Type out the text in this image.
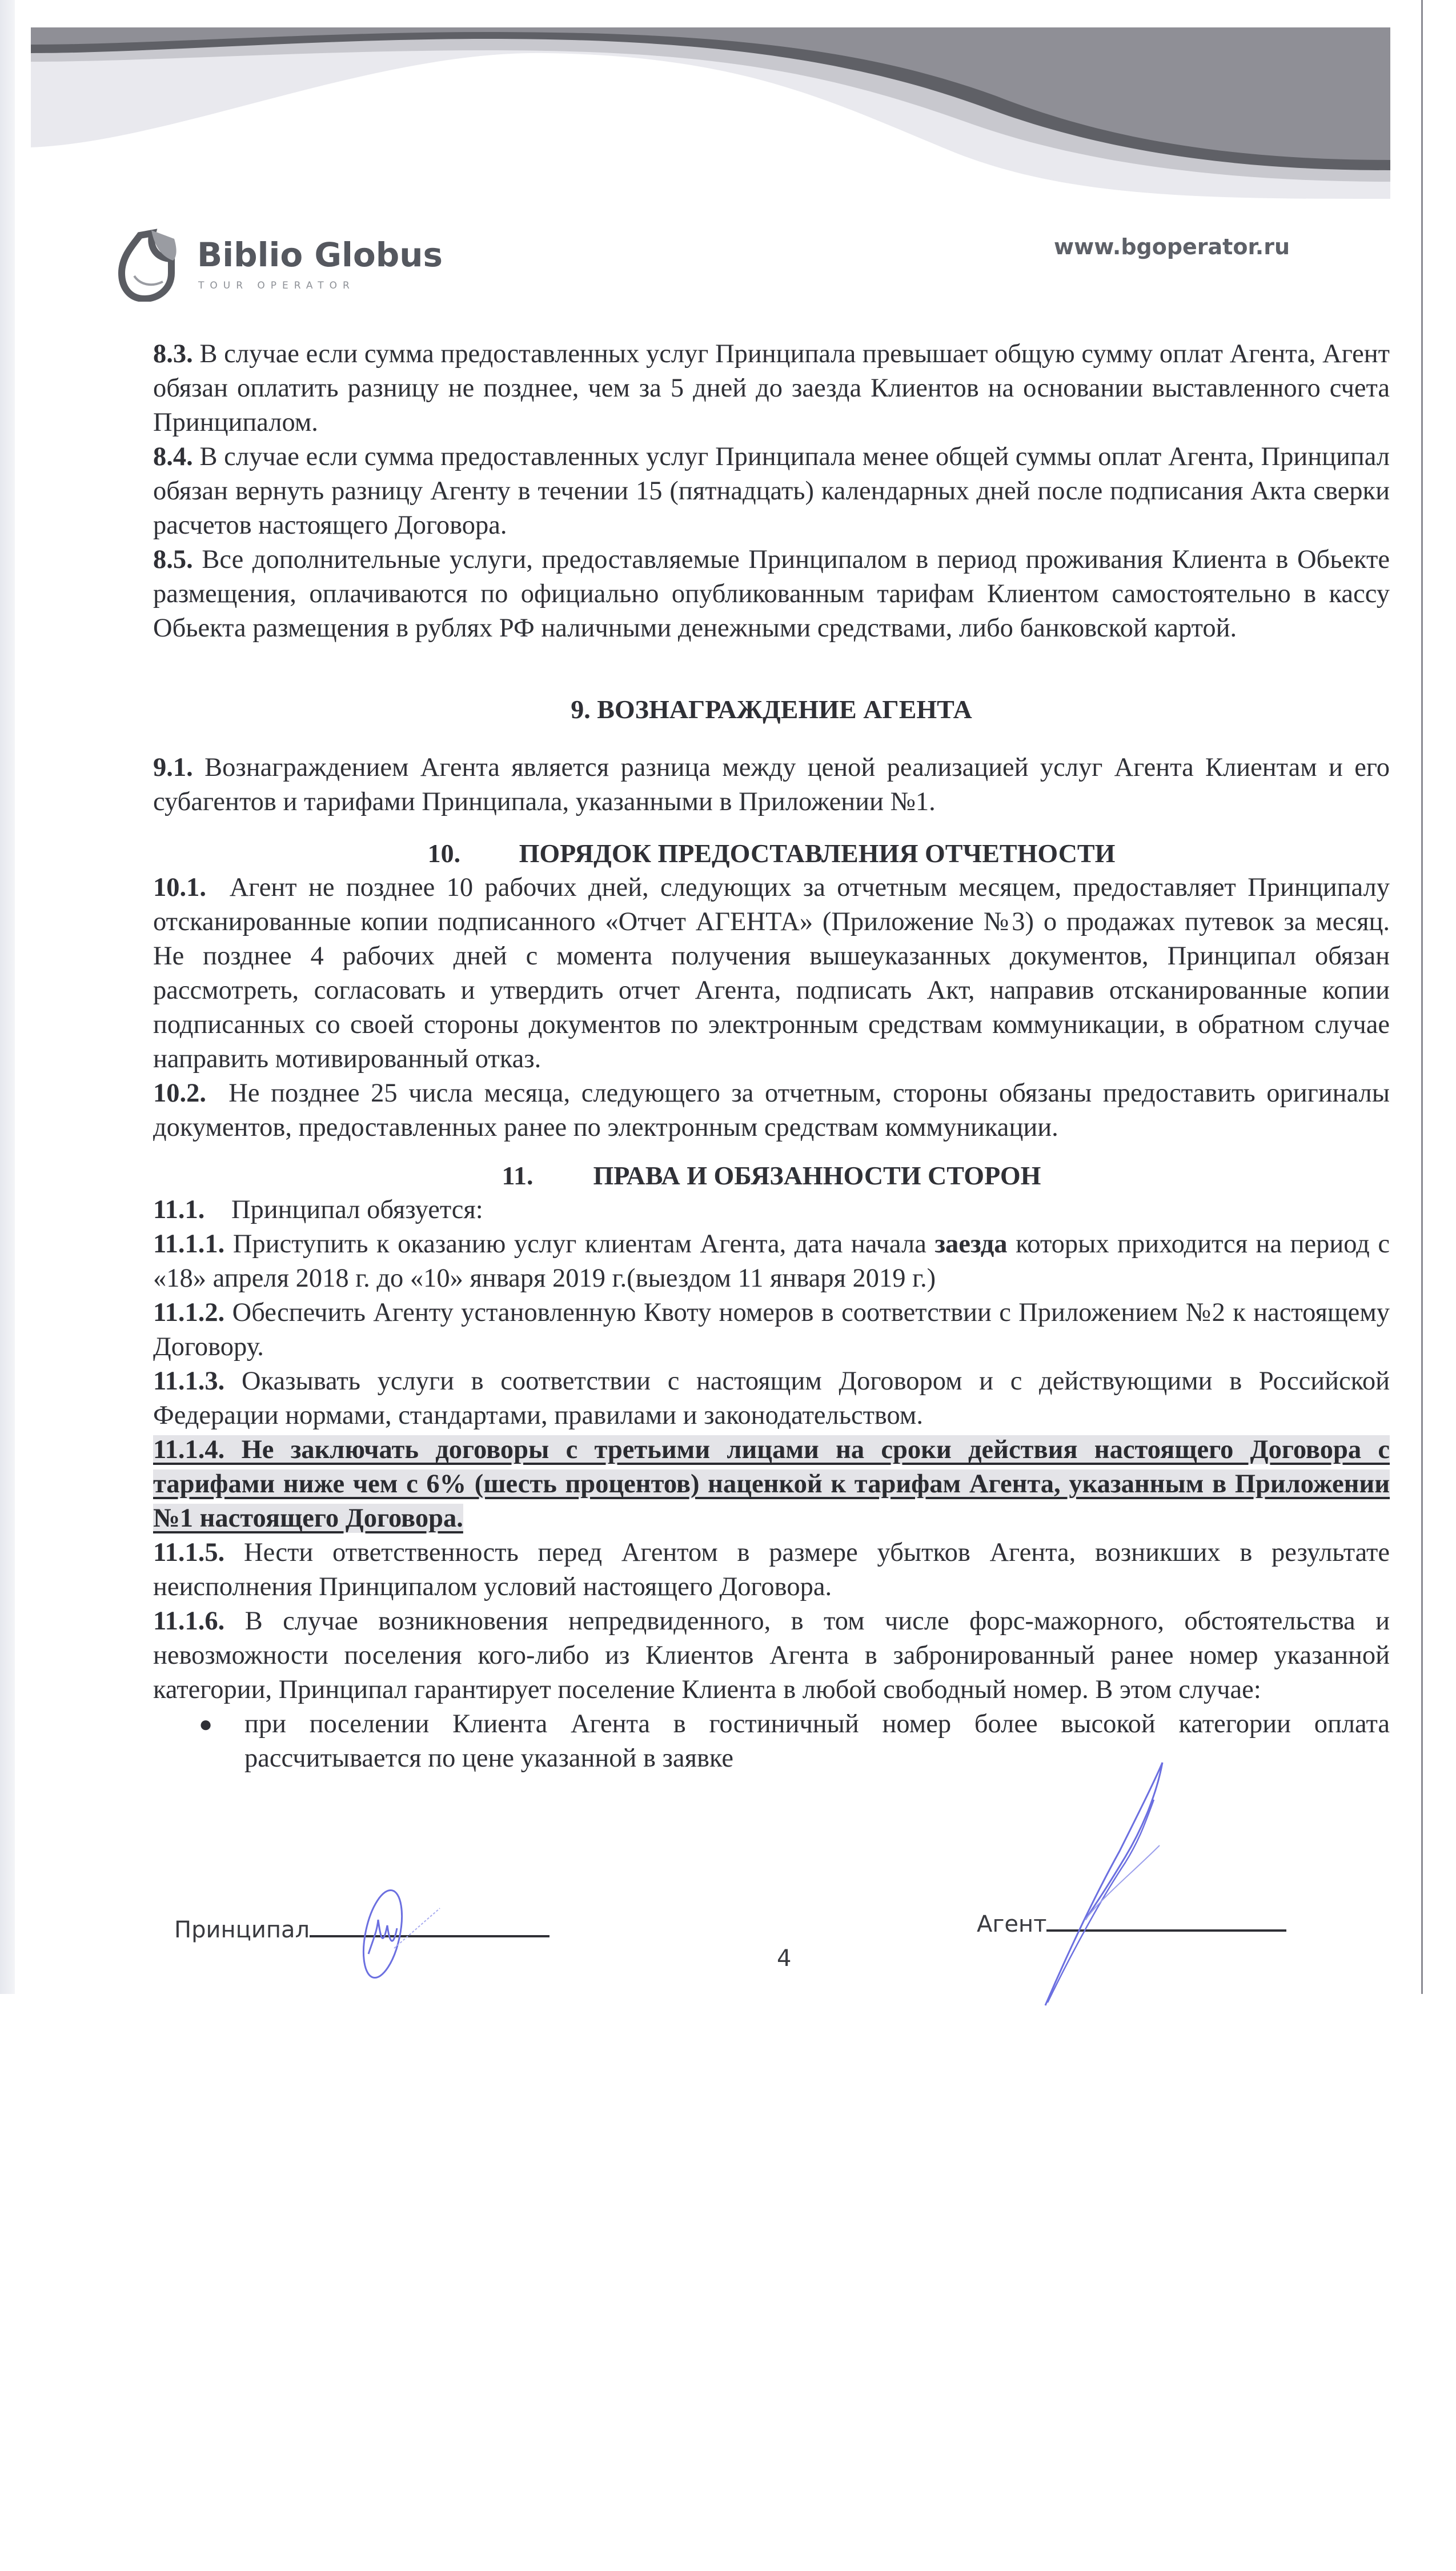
Biblio Globus
TOUR OPERATOR
www.bgoperator.ru

8.3. В случае если сумма предоставленных услуг Принципала превышает общую сумму оплат Агента, Агент обязан оплатить разницу не позднее, чем за 5 дней до заезда Клиентов на основании выставленного счета Принципалом.

8.4. В случае если сумма предоставленных услуг Принципала менее общей суммы оплат Агента, Принципал обязан вернуть разницу Агенту в течении 15 (пятнадцать) календарных дней после подписания Акта сверки расчетов настоящего Договора.

8.5. Все дополнительные услуги, предоставляемые Принципалом в период проживания Клиента в Обьекте размещения, оплачиваются по официально опубликованным тарифам Клиентом самостоятельно в кассу Обьекта размещения в рублях РФ наличными денежными средствами, либо банковской картой.

9. ВОЗНАГРАЖДЕНИЕ АГЕНТА

9.1. Вознаграждением Агента является разница между ценой реализацией услуг Агента Клиентам и его субагентов и тарифами Принципала, указанными в Приложении №1.

10. ПОРЯДОК ПРЕДОСТАВЛЕНИЯ ОТЧЕТНОСТИ

10.1.  Агент не позднее 10 рабочих дней, следующих за отчетным месяцем, предоставляет Принципалу отсканированные копии подписанного «Отчет АГЕНТА» (Приложение №3) о продажах путевок за месяц. Не позднее 4 рабочих дней с момента получения вышеуказанных документов, Принципал обязан рассмотреть, согласовать и утвердить отчет Агента, подписать Акт, направив отсканированные копии подписанных со своей стороны документов по электронным средствам коммуникации, в обратном случае направить мотивированный отказ.

10.2.  Не позднее 25 числа месяца, следующего за отчетным, стороны обязаны предоставить оригиналы документов, предоставленных ранее по электронным средствам коммуникации.

11. ПРАВА И ОБЯЗАННОСТИ СТОРОН

11.1.    Принципал обязуется:

11.1.1. Приступить к оказанию услуг клиентам Агента, дата начала заезда которых приходится на период с «18» апреля 2018 г. до «10» января 2019 г.(выездом 11 января 2019 г.)

11.1.2. Обеспечить Агенту установленную Квоту номеров в соответствии с Приложением №2 к настоящему Договору.

11.1.3. Оказывать услуги в соответствии с настоящим Договором и с действующими в Российской Федерации нормами, стандартами, правилами и законодательством.

11.1.4. Не заключать договоры с третьими лицами на сроки действия настоящего Договора с тарифами ниже чем с 6% (шесть процентов) наценкой к тарифам Агента, указанным в Приложении №1 настоящего Договора.

11.1.5. Нести ответственность перед Агентом в размере убытков Агента, возникших в результате неисполнения Принципалом условий настоящего Договора.

11.1.6. В случае возникновения непредвиденного, в том числе форс-мажорного, обстоятельства и невозможности поселения кого-либо из Клиентов Агента в забронированный ранее номер указанной категории, Принципал гарантирует поселение Клиента в любой свободный номер. В этом случае:

●	при поселении Клиента Агента в гостиничный номер более высокой категории оплата рассчитывается по цене указанной в заявке
Принципал	Агент
4
